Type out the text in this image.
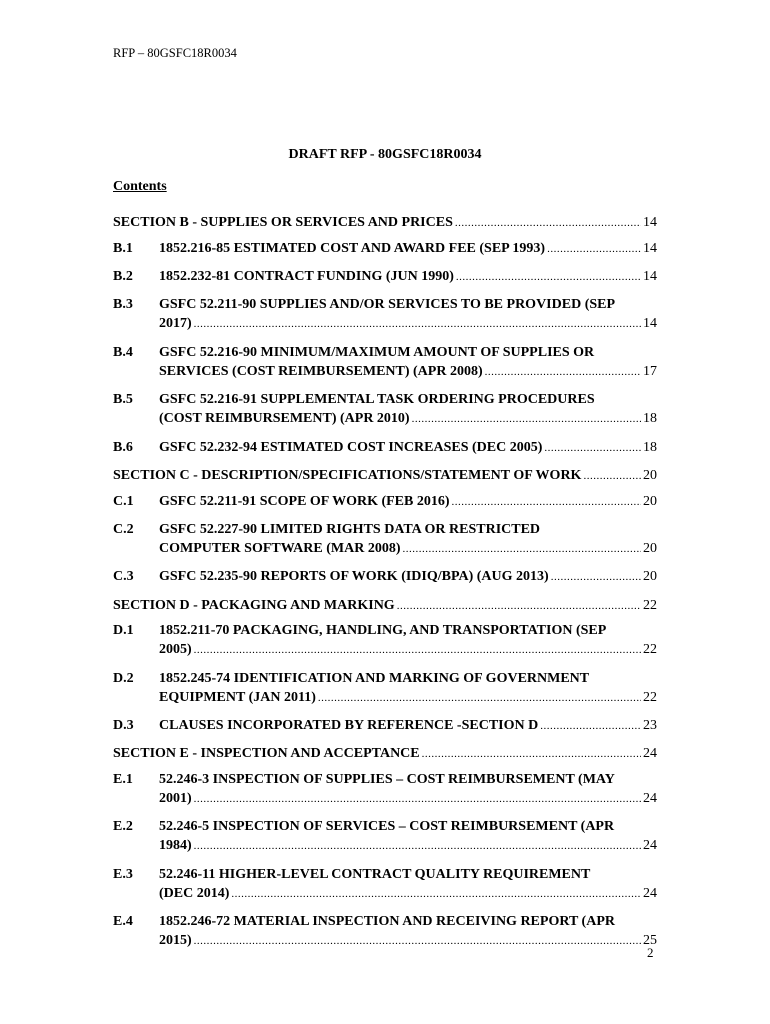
RFP – 80GSFC18R0034
DRAFT RFP - 80GSFC18R0034
Contents
SECTION B - SUPPLIES OR SERVICES AND PRICES .....	14
B.1 1852.216-85 ESTIMATED COST AND AWARD FEE (SEP 1993) .....	14
B.2 1852.232-81 CONTRACT FUNDING (JUN 1990) .....	14
B.3 GSFC 52.211-90 SUPPLIES AND/OR SERVICES TO BE PROVIDED (SEP
2017) .....	14
B.4 GSFC 52.216-90 MINIMUM/MAXIMUM AMOUNT OF SUPPLIES OR
SERVICES (COST REIMBURSEMENT) (APR 2008) .....	17
B.5 GSFC 52.216-91 SUPPLEMENTAL TASK ORDERING PROCEDURES
(COST REIMBURSEMENT) (APR 2010) .....	18
B.6 GSFC 52.232-94 ESTIMATED COST INCREASES (DEC 2005) .....	18
SECTION C - DESCRIPTION/SPECIFICATIONS/STATEMENT OF WORK .....	20
C.1 GSFC 52.211-91 SCOPE OF WORK (FEB 2016) .....	20
C.2 GSFC 52.227-90 LIMITED RIGHTS DATA OR RESTRICTED
COMPUTER SOFTWARE (MAR 2008) .....	20
C.3 GSFC 52.235-90 REPORTS OF WORK (IDIQ/BPA) (AUG 2013) .....	20
SECTION D - PACKAGING AND MARKING .....	22
D.1 1852.211-70 PACKAGING, HANDLING, AND TRANSPORTATION (SEP
2005) .....	22
D.2 1852.245-74 IDENTIFICATION AND MARKING OF GOVERNMENT
EQUIPMENT (JAN 2011) .....	22
D.3 CLAUSES INCORPORATED BY REFERENCE -SECTION D .....	23
SECTION E - INSPECTION AND ACCEPTANCE .....	24
E.1 52.246-3 INSPECTION OF SUPPLIES – COST REIMBURSEMENT (MAY
2001) .....	24
E.2 52.246-5 INSPECTION OF SERVICES – COST REIMBURSEMENT (APR
1984) .....	24
E.3 52.246-11 HIGHER-LEVEL CONTRACT QUALITY REQUIREMENT
(DEC 2014) .....	24
E.4 1852.246-72 MATERIAL INSPECTION AND RECEIVING REPORT (APR
2015) .....	25
2
